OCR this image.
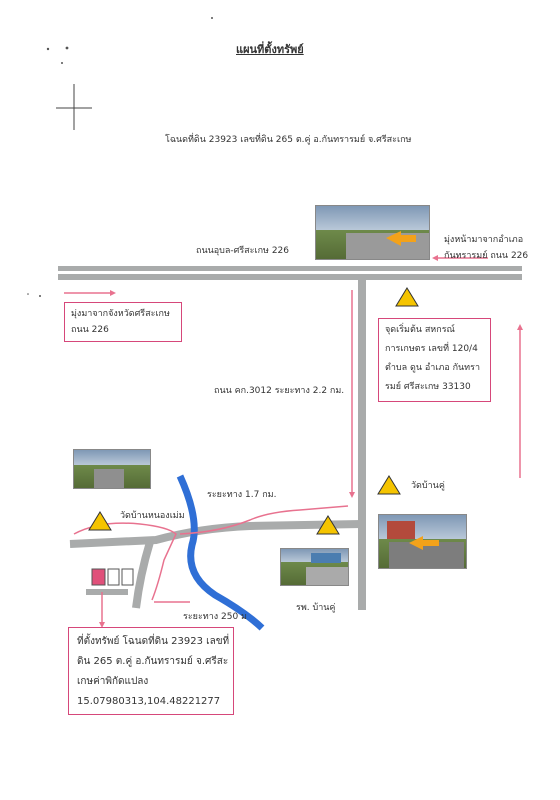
แผนที่ตั้งทรัพย์
โฉนดที่ดิน 23923 เลขที่ดิน 265 ต.คู่ อ.กันทรารมย์ จ.ศรีสะเกษ
ถนนอุบล-ศรีสะเกษ 226
ถนน คก.3012 ระยะทาง 2.2 กม.
ระยะทาง 1.7 กม.
ระยะทาง 250 ม
มุ่งหน้ามาจากอำเภอ
กันทรารมย์ ถนน 226
มุ่งมาจากจังหวัดศรีสะเกษ
ถนน 226	จุดเริ่มต้น สหกรณ์
การเกษตร เลขที่ 120/4
ตำบล ดูน อำเภอ กันทรา
รมย์ ศรีสะเกษ 33130
วัดบ้านคู่
วัดบ้านหนองเม่ม
รพ. บ้านคู่
ที่ตั้งทรัพย์ โฉนดที่ดิน 23923 เลขที่
ดิน 265 ต.คู่ อ.กันทรารมย์ จ.ศรีสะ
เกษค่าพิกัดแปลง
15.07980313,104.48221277
